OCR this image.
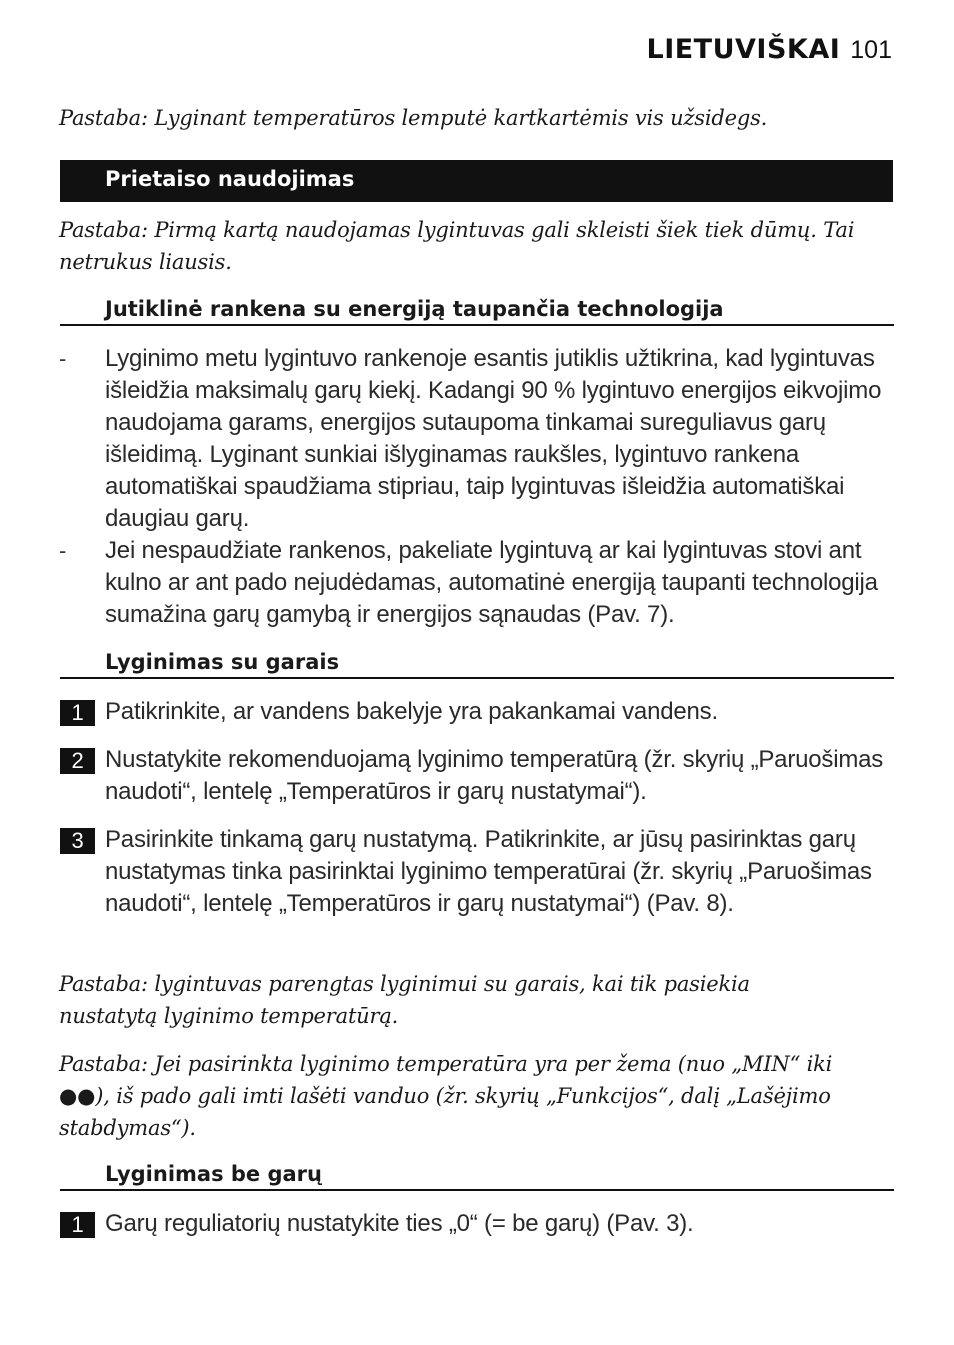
LIETUVIŠKAI 101
Pastaba: Lyginant temperatūros lemputė kartkartėmis vis užsidegs.
Prietaiso naudojimas
Pastaba: Pirmą kartą naudojamas lygintuvas gali skleisti šiek tiek dūmų. Tai netrukus liausis.
Jutiklinė rankena su energiją taupančia technologija
-	Lyginimo metu lygintuvo rankenoje esantis jutiklis užtikrina, kad lygintuvas išleidžia maksimalų garų kiekį. Kadangi 90 % lygintuvo energijos eikvojimo naudojama garams, energijos sutaupoma tinkamai sureguliavus garų išleidimą. Lyginant sunkiai išlyginamas raukšles, lygintuvo rankena automatiškai spaudžiama stipriau, taip lygintuvas išleidžia automatiškai daugiau garų.
-	Jei nespaudžiate rankenos, pakeliate lygintuvą ar kai lygintuvas stovi ant kulno ar ant pado nejudėdamas, automatinė energiją taupanti technologija sumažina garų gamybą ir energijos sąnaudas (Pav. 7).
Lyginimas su garais
1 Patikrinkite, ar vandens bakelyje yra pakankamai vandens.
2 Nustatykite rekomenduojamą lyginimo temperatūrą (žr. skyrių „Paruošimas naudoti“, lentelę „Temperatūros ir garų nustatymai“).
3 Pasirinkite tinkamą garų nustatymą. Patikrinkite, ar jūsų pasirinktas garų nustatymas tinka pasirinktai lyginimo temperatūrai (žr. skyrių „Paruošimas naudoti“, lentelę „Temperatūros ir garų nustatymai“) (Pav. 8).
Pastaba: lygintuvas parengtas lyginimui su garais, kai tik pasiekia nustatytą lyginimo temperatūrą.
Pastaba: Jei pasirinkta lyginimo temperatūra yra per žema (nuo „MIN“ iki ●●), iš pado gali imti lašėti vanduo (žr. skyrių „Funkcijos“, dalį „Lašėjimo stabdymas“).
Lyginimas be garų
1 Garų reguliatorių nustatykite ties „0“ (= be garų) (Pav. 3).
